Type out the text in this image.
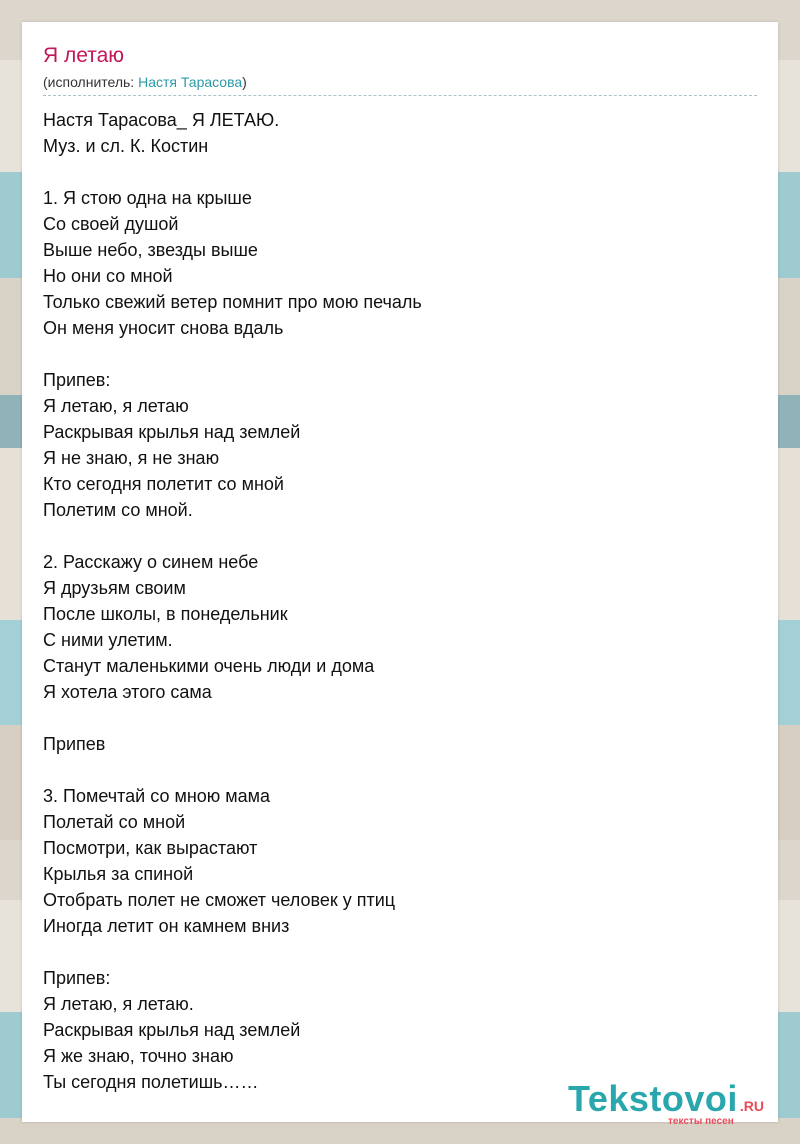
Я летаю
(исполнитель: Настя Тарасова)
Настя Тарасова_ Я ЛЕТАЮ.
Муз. и сл. К. Костин
1. Я стою одна на крыше
Со своей душой
Выше небо, звезды выше
Но они со мной
Только свежий ветер помнит про мою печаль
Он меня уносит снова вдаль
Припев:
Я летаю, я летаю
Раскрывая крылья над землей
Я не знаю, я не знаю
Кто сегодня полетит со мной
Полетим со мной.
2. Расскажу о синем небе
Я друзьям своим
После школы, в понедельник
С ними улетим.
Станут маленькими очень люди и дома
Я хотела этого сама
Припев
3. Помечтай со мною мама
Полетай со мной
Посмотри, как вырастают
Крылья за спиной
Отобрать полет не сможет человек у птиц
Иногда летит он камнем вниз
Припев:
Я летаю, я летаю.
Раскрывая крылья над землей
Я же знаю, точно знаю
Ты сегодня полетишь……	Tekstovoi .RU
тексты песен
